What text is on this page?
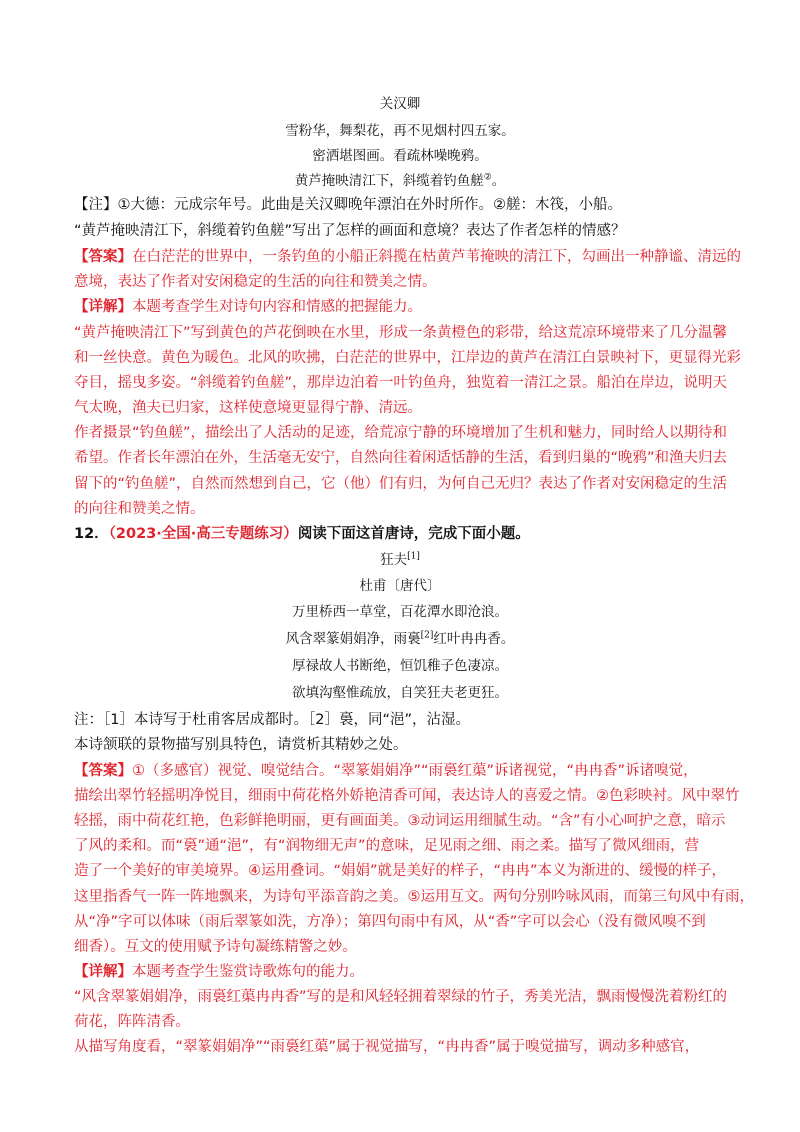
关汉卿
雪粉华，舞梨花，再不见烟村四五家。
密洒堪图画。看疏林噪晚鸦。
黄芦掩映清江下，斜缆着钓鱼艖②。
【注】①大德：元成宗年号。此曲是关汉卿晚年漂泊在外时所作。②艖：木筏，小船。
“黄芦掩映清江下，斜缆着钓鱼艖”写出了怎样的画面和意境？表达了作者怎样的情感？
【答案】在白茫茫的世界中，一条钓鱼的小船正斜揽在枯黄芦苇掩映的清江下，勾画出一种静谧、清远的
意境，表达了作者对安闲稳定的生活的向往和赞美之情。
【详解】本题考查学生对诗句内容和情感的把握能力。
“黄芦掩映清江下”写到黄色的芦花倒映在水里，形成一条黄橙色的彩带，给这荒凉环境带来了几分温馨
和一丝快意。黄色为暖色。北风的吹拂，白茫茫的世界中，江岸边的黄芦在清江白景映衬下，更显得光彩
夺目，摇曳多姿。“斜缆着钓鱼艖”，那岸边泊着一叶钓鱼舟，独览着一清江之景。船泊在岸边，说明天
气太晚，渔夫已归家，这样使意境更显得宁静、清远。
作者摄景“钓鱼艖”，描绘出了人活动的足迹，给荒凉宁静的环境增加了生机和魅力，同时给人以期待和
希望。作者长年漂泊在外，生活毫无安宁，自然向往着闲适恬静的生活，看到归巢的“晚鸦”和渔夫归去
留下的“钓鱼艖”，自然而然想到自己，它（他）们有归，为何自己无归？表达了作者对安闲稳定的生活
的向往和赞美之情。
12．（2023·全国·高三专题练习）阅读下面这首唐诗，完成下面小题。
狂夫[1]
杜甫〔唐代〕
万里桥西一草堂，百花潭水即沧浪。
风含翠篆娟娟净，雨裛[2]红叶冉冉香。
厚禄故人书断绝，恒饥稚子色凄凉。
欲填沟壑惟疏放，自笑狂夫老更狂。
注：［1］本诗写于杜甫客居成都时。［2］裛，同“浥”，沾湿。
本诗颔联的景物描写别具特色，请赏析其精妙之处。
【答案】①（多感官）视觉、嗅觉结合。“翠篆娟娟净”“雨裛红蕖”诉诸视觉，“冉冉香”诉诸嗅觉，
描绘出翠竹轻摇明净悦目，细雨中荷花格外娇艳清香可闻，表达诗人的喜爱之情。②色彩映衬。风中翠竹
轻摇，雨中荷花红艳，色彩鲜艳明丽，更有画面美。③动词运用细腻生动。“含”有小心呵护之意，暗示
了风的柔和。而“裛”通“浥”，有“润物细无声”的意味，足见雨之细、雨之柔。描写了微风细雨，营
造了一个美好的审美境界。④运用叠词。“娟娟”就是美好的样子，“冉冉”本义为渐进的、缓慢的样子，
这里指香气一阵一阵地飘来，为诗句平添音韵之美。⑤运用互文。两句分别吟咏风雨，而第三句风中有雨，
从“净”字可以体味（雨后翠篆如洗，方净）；第四句雨中有风，从“香”字可以会心（没有微风嗅不到
【详解】本题考查学生鉴赏诗歌炼句的能力。
“风含翠篆娟娟净，雨裛红蕖冉冉香”写的是和风轻轻拥着翠绿的竹子，秀美光洁，飘雨慢慢洗着粉红的
荷花，阵阵清香。
从描写角度看，“翠篆娟娟净”“雨裛红蕖”属于视觉描写，“冉冉香”属于嗅觉描写，调动多种感官，
细香）。互文的使用赋予诗句凝练精警之妙。
